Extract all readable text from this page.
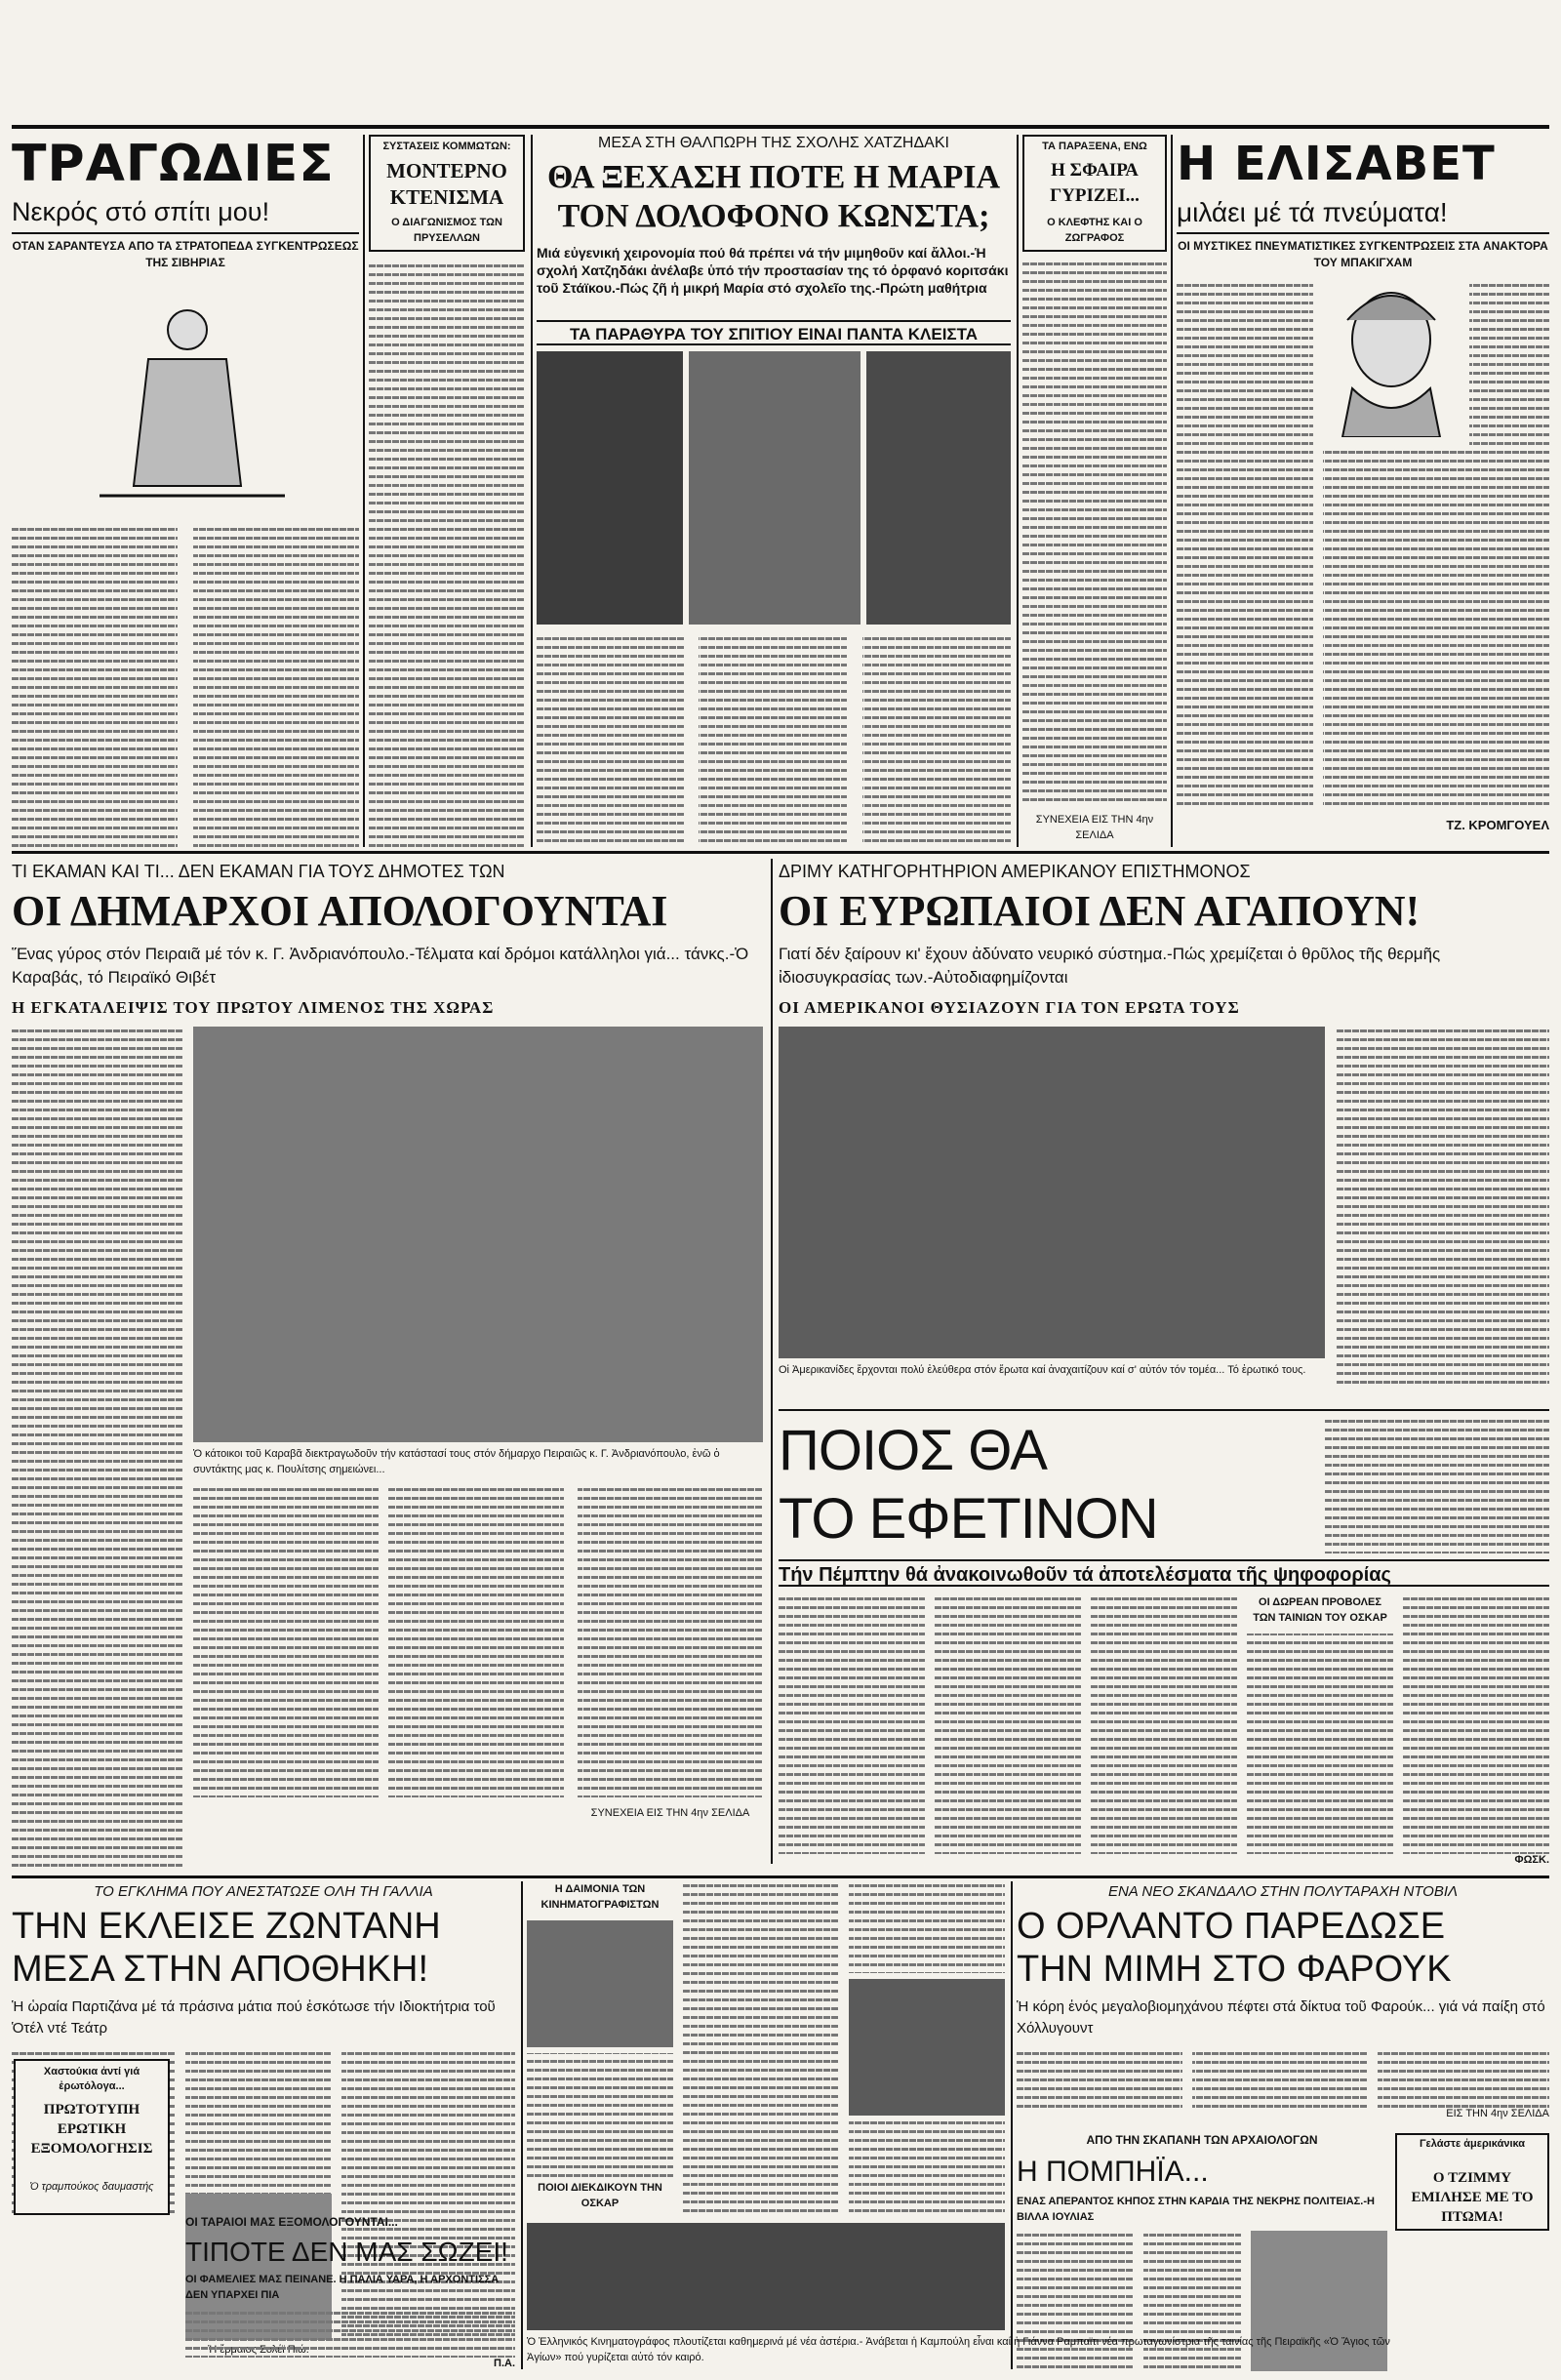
ΤΡΑΓΩΔΙΕΣ
Νεκρός στό σπίτι μου!
ΟΤΑΝ ΣΑΡΑΝΤΕΥΣΑ ΑΠΟ ΤΑ ΣΤΡΑΤΟΠΕΔΑ ΣΥΓΚΕΝΤΡΩΣΕΩΣ ΤΗΣ ΣΙΒΗΡΙΑΣ
ΣΥΣΤΑΣΕΙΣ ΚΟΜΜΩΤΩΝ:
ΜΟΝΤΕΡΝΟ ΚΤΕΝΙΣΜΑ
Ο ΔΙΑΓΩΝΙΣΜΟΣ ΤΩΝ ΠΡΥΣΕΛΛΩΝ
ΜΕΣΑ ΣΤΗ ΘΑΛΠΩΡΗ ΤΗΣ ΣΧΟΛΗΣ ΧΑΤΖΗΔΑΚΙ
ΘΑ ΞΕΧΑΣΗ ΠΟΤΕ Η ΜΑΡΙΑ ΤΟΝ ΔΟΛΟΦΟΝΟ ΚΩΝΣΤΑ;
Μιά εὐγενική χειρονομία πού θά πρέπει νά τήν μιμηθοῦν καί ἄλλοι.-Ἡ σχολή Χατζηδάκι ἀνέλαβε ὑπό τήν προστασίαν της τό ὀρφανό κοριτσάκι τοῦ Στάϊκου.-Πώς ζῆ ἡ μικρή Μαρία στό σχολεῖο της.-Πρώτη μαθήτρια
ΤΑ ΠΑΡΑΘΥΡΑ ΤΟΥ ΣΠΙΤΙΟΥ ΕΙΝΑΙ ΠΑΝΤΑ ΚΛΕΙΣΤΑ
ΤΑ ΠΑΡΑΞΕΝΑ, ΕΝΩ
Η ΣΦΑΙΡΑ ΓΥΡΙΖΕΙ...
Ο ΚΛΕΦΤΗΣ ΚΑΙ Ο ΖΩΓΡΑΦΟΣ
ΣΥΝΕΧΕΙΑ ΕΙΣ ΤΗΝ 4ην ΣΕΛΙΔΑ
Η ΕΛΙΣΑΒΕΤ
μιλάει μέ τά πνεύματα!
ΟΙ ΜΥΣΤΙΚΕΣ ΠΝΕΥΜΑΤΙΣΤΙΚΕΣ ΣΥΓΚΕΝΤΡΩΣΕΙΣ ΣΤΑ ΑΝΑΚΤΟΡΑ ΤΟΥ ΜΠΑΚΙΓΧΑΜ
ΤΖ. ΚΡΟΜΓΟΥΕΛ
ΤΙ ΕΚΑΜΑΝ ΚΑΙ ΤΙ... ΔΕΝ ΕΚΑΜΑΝ ΓΙΑ ΤΟΥΣ ΔΗΜΟΤΕΣ ΤΩΝ
ΟΙ ΔΗΜΑΡΧΟΙ ΑΠΟΛΟΓΟΥΝΤΑΙ
Ἕνας γύρος στόν Πειραιᾶ μέ τόν κ. Γ. Ἀνδριανόπουλο.-Τέλματα καί δρόμοι κατάλληλοι γιά... τάνκς.-Ὁ Καραβάς, τό Πειραϊκό Θιβέτ
Η ΕΓΚΑΤΑΛΕΙΨΙΣ ΤΟΥ ΠΡΩΤΟΥ ΛΙΜΕΝΟΣ ΤΗΣ ΧΩΡΑΣ
Ὁ κάτοικοι τοῦ Καραβᾶ διεκτραγωδοῦν τήν κατάστασί τους στόν δήμαρχο Πειραιῶς κ. Γ. Ἀνδριανόπουλο, ἐνῶ ὁ συντάκτης μας κ. Πουλίτσης σημειώνει...
ΣΥΝΕΧΕΙΑ ΕΙΣ ΤΗΝ 4ην ΣΕΛΙΔΑ
ΔΡΙΜΥ ΚΑΤΗΓΟΡΗΤΗΡΙΟΝ ΑΜΕΡΙΚΑΝΟΥ ΕΠΙΣΤΗΜΟΝΟΣ
ΟΙ ΕΥΡΩΠΑΙΟΙ ΔΕΝ ΑΓΑΠΟΥΝ!
Γιατί δέν ξαίρουν κι' ἔχουν ἀδύνατο νευρικό σύστημα.-Πώς χρεμίζεται ὁ θρῦλος τῆς θερμῆς ἰδιοσυγκρασίας των.-Αὐτοδιαφημίζονται
ΟΙ ΑΜΕΡΙΚΑΝΟΙ ΘΥΣΙΑΖΟΥΝ ΓΙΑ ΤΟΝ ΕΡΩΤΑ ΤΟΥΣ
Οἱ Ἀμερικανίδες ἔρχονται πολύ ἐλεύθερα στόν ἔρωτα καί ἀναχαιτίζουν καί σ' αὐτόν τόν τομέα... Τό ἐρωτικό τους.
ΠΟΙΟΣ ΘΑ
ΤΟ ΕΦΕΤΙΝΟΝ
Τήν Πέμπτην θά ἀνακοινωθοῦν τά ἀποτελέσματα τῆς ψηφοφορίας
ΟΙ ΔΩΡΕΑΝ ΠΡΟΒΟΛΕΣ ΤΩΝ ΤΑΙΝΙΩΝ ΤΟΥ ΟΣΚΑΡ
ΦΩΣΚ.
ΤΟ ΕΓΚΛΗΜΑ ΠΟΥ ΑΝΕΣΤΑΤΩΣΕ ΟΛΗ ΤΗ ΓΑΛΛΙΑ
ΤΗΝ ΕΚΛΕΙΣΕ ΖΩΝΤΑΝΗ
ΜΕΣΑ ΣΤΗΝ ΑΠΟΘΗΚΗ!
Ἡ ὡραία Παρτιζάνα μέ τά πράσινα μάτια πού ἐσκότωσε τήν Ιδιοκτήτρια τοῦ Ὁτέλ ντέ Τεάτρ
Χαστούκια ἀντί γιά ἐρωτόλογα...
ΠΡΩΤΟΤΥΠΗ ΕΡΩΤΙΚΗ ΕΞΟΜΟΛΟΓΗΣΙΣ
Ὁ τραμπούκος δαυμαστής
ΟΙ ΤΑΡΑΙΟΙ ΜΑΣ ΕΞΟΜΟΛΟΓΟΥΝΤΑΙ...
ΤΙΠΟΤΕ ΔΕΝ ΜΑΣ ΣΩΖΕΙ!
ΟΙ ΦΑΜΕΛΙΕΣ ΜΑΣ ΠΕΙΝΑΝΕ. Η ΠΑΛΙΑ ΥΑΡΑ, Η ΑΡΧΟΝΤΙΣΣΑ ΔΕΝ ΥΠΑΡΧΕΙ ΠΙΑ
Π.Α.
Η ΔΑΙΜΟΝΙΑ ΤΩΝ ΚΙΝΗΜΑΤΟΓΡΑΦΙΣΤΩΝ
ΠΟΙΟΙ ΔΙΕΚΔΙΚΟΥΝ ΤΗΝ ΟΣΚΑΡ
ΕΝΑ ΝΕΟ ΣΚΑΝΔΑΛΟ ΣΤΗΝ ΠΟΛΥΤΑΡΑΧΗ ΝΤΟΒΙΛ
Ο ΟΡΛΑΝΤΟ ΠΑΡΕΔΩΣΕ
ΤΗΝ ΜΙΜΗ ΣΤΟ ΦΑΡΟΥΚ
Ἡ κόρη ἑνός μεγαλοβιομηχάνου πέφτει στά δίκτυα τοῦ Φαρούκ... γιά νά παίξη στό Χόλλυγουντ
ΕΙΣ ΤΗΝ 4ην ΣΕΛΙΔΑ
Γελάστε ἀμερικάνικα
Ο ΤΖΙΜΜΥ ΕΜΙΛΗΣΕ ΜΕ ΤΟ ΠΤΩΜΑ!
ΑΠΟ ΤΗΝ ΣΚΑΠΑΝΗ ΤΩΝ ΑΡΧΑΙΟΛΟΓΩΝ
Η ΠΟΜΠΗΪΑ...
ΕΝΑΣ ΑΠΕΡΑΝΤΟΣ ΚΗΠΟΣ ΣΤΗΝ ΚΑΡΔΙΑ ΤΗΣ ΝΕΚΡΗΣ ΠΟΛΙΤΕΙΑΣ.-Η ΒΙΛΛΑ ΙΟΥΛΙΑΣ
Ὁ Ἑλληνικός Κινηματογράφος πλουτίζεται καθημερινά μέ νέα ἀστέρια.- Ἀνάβεται ἡ Καμπούλη εἶναι καί ἡ Γιάννα Ραμπαϊτι νέα πρωταγωνίστρια τῆς ταινίας τῆς Πειραϊκῆς «Ὁ Ἄγιος τῶν Ἁγίων» πού γυρίζεται αὐτό τόν καιρό.
